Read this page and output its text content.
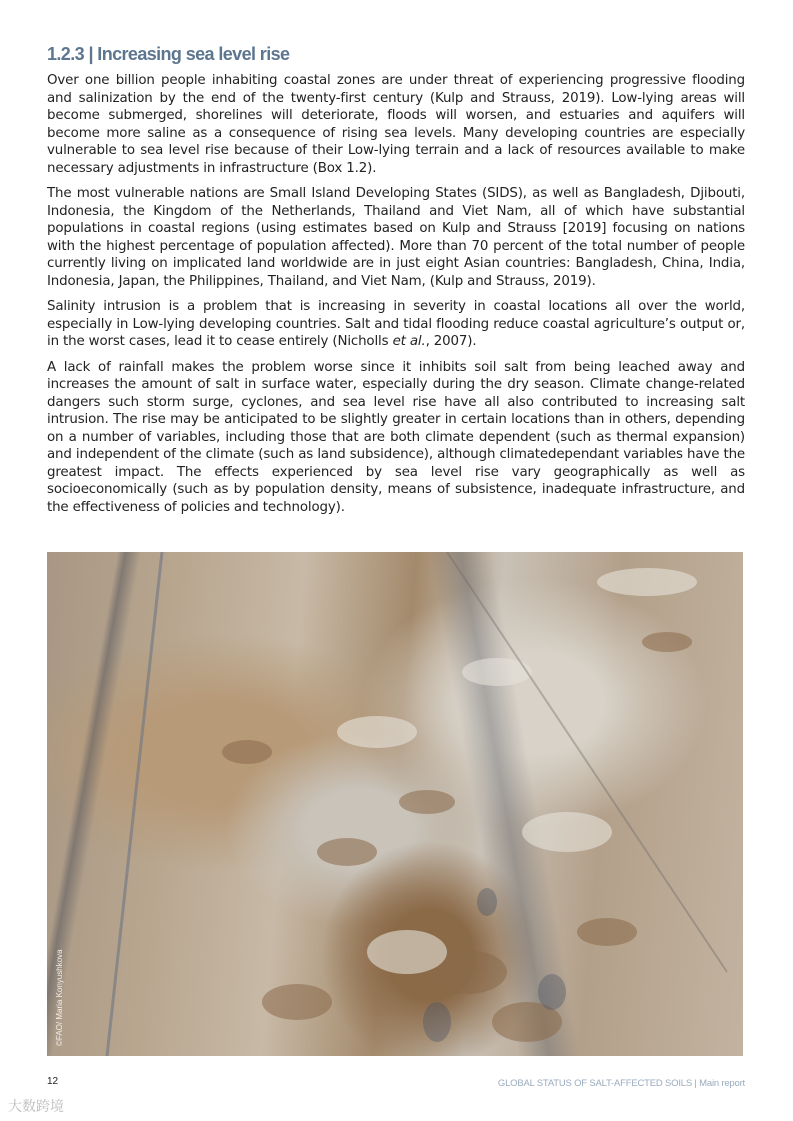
1.2.3 | Increasing sea level rise

Over one billion people inhabiting coastal zones are under threat of experiencing progressive flooding and salinization by the end of the twenty-first century (Kulp and Strauss, 2019). Low-lying areas will become submerged, shorelines will deteriorate, floods will worsen, and estuaries and aquifers will become more saline as a consequence of rising sea levels. Many developing countries are especially vulnerable to sea level rise because of their Low-lying terrain and a lack of resources available to make necessary adjustments in infrastructure (Box 1.2).

The most vulnerable nations are Small Island Developing States (SIDS), as well as Bangladesh, Djibouti, Indonesia, the Kingdom of the Netherlands, Thailand and Viet Nam, all of which have substantial populations in coastal regions (using estimates based on Kulp and Strauss [2019] focusing on nations with the highest percentage of population affected). More than 70 percent of the total number of people currently living on implicated land worldwide are in just eight Asian countries: Bangladesh, China, India, Indonesia, Japan, the Philippines, Thailand, and Viet Nam, (Kulp and Strauss, 2019).

Salinity intrusion is a problem that is increasing in severity in coastal locations all over the world, especially in Low-lying developing countries. Salt and tidal flooding reduce coastal agriculture’s output or, in the worst cases, lead it to cease entirely (Nicholls et al., 2007).

A lack of rainfall makes the problem worse since it inhibits soil salt from being leached away and increases the amount of salt in surface water, especially during the dry season. Climate change-related dangers such storm surge, cyclones, and sea level rise have all also contributed to increasing salt intrusion. The rise may be anticipated to be slightly greater in certain locations than in others, depending on a number of variables, including those that are both climate dependent (such as thermal expansion) and independent of the climate (such as land subsidence), although climatedependant variables have the greatest impact. The effects experienced by sea level rise vary geographically as well as socioeconomically (such as by population density, means of subsistence, inadequate infrastructure, and the effectiveness of policies and technology).

©FAO/ Maria Konyushkova
12	GLOBAL STATUS OF SALT-AFFECTED SOILS | Main report
大数跨境
